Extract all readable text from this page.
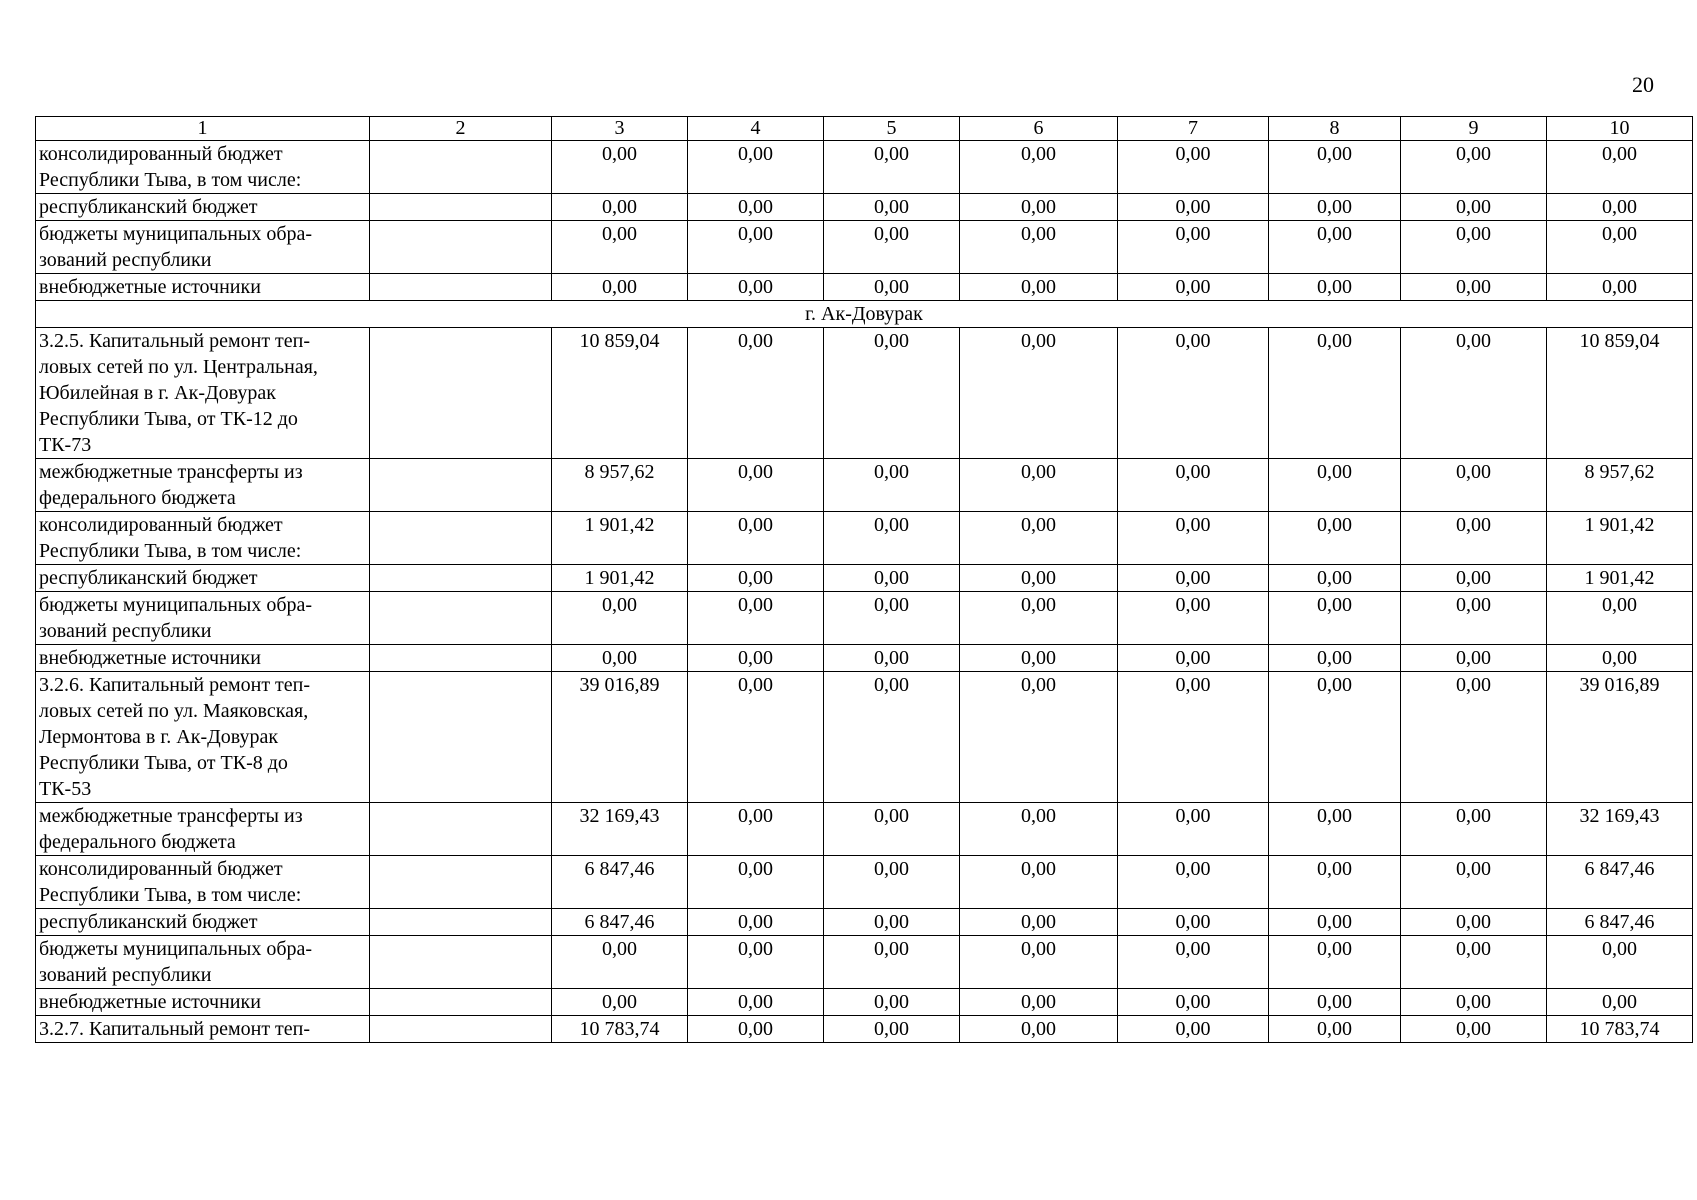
20
1	2	3	4	5	6	7	8	9	10
консолидированный бюджет
Республики Тыва, в том числе:		0,00	0,00	0,00	0,00	0,00	0,00	0,00	0,00
республиканский бюджет		0,00	0,00	0,00	0,00	0,00	0,00	0,00	0,00
бюджеты муниципальных обра-
зований республики		0,00	0,00	0,00	0,00	0,00	0,00	0,00	0,00
внебюджетные источники		0,00	0,00	0,00	0,00	0,00	0,00	0,00	0,00
г. Ак-Довурак									
3.2.5. Капитальный ремонт теп-
ловых сетей по ул. Центральная,
Юбилейная в г. Ак-Довурак
Республики Тыва, от ТК-12 до
ТК-73		10 859,04	0,00	0,00	0,00	0,00	0,00	0,00	10 859,04
межбюджетные трансферты из
федерального бюджета		8 957,62	0,00	0,00	0,00	0,00	0,00	0,00	8 957,62
консолидированный бюджет
Республики Тыва, в том числе:		1 901,42	0,00	0,00	0,00	0,00	0,00	0,00	1 901,42
республиканский бюджет		1 901,42	0,00	0,00	0,00	0,00	0,00	0,00	1 901,42
бюджеты муниципальных обра-
зований республики		0,00	0,00	0,00	0,00	0,00	0,00	0,00	0,00
внебюджетные источники		0,00	0,00	0,00	0,00	0,00	0,00	0,00	0,00
3.2.6. Капитальный ремонт теп-
ловых сетей по ул. Маяковская,
Лермонтова в г. Ак-Довурак
Республики Тыва, от ТК-8 до
ТК-53		39 016,89	0,00	0,00	0,00	0,00	0,00	0,00	39 016,89
межбюджетные трансферты из
федерального бюджета		32 169,43	0,00	0,00	0,00	0,00	0,00	0,00	32 169,43
консолидированный бюджет
Республики Тыва, в том числе:		6 847,46	0,00	0,00	0,00	0,00	0,00	0,00	6 847,46
республиканский бюджет		6 847,46	0,00	0,00	0,00	0,00	0,00	0,00	6 847,46
бюджеты муниципальных обра-
зований республики		0,00	0,00	0,00	0,00	0,00	0,00	0,00	0,00
внебюджетные источники		0,00	0,00	0,00	0,00	0,00	0,00	0,00	0,00
3.2.7. Капитальный ремонт теп-		10 783,74	0,00	0,00	0,00	0,00	0,00	0,00	10 783,74
